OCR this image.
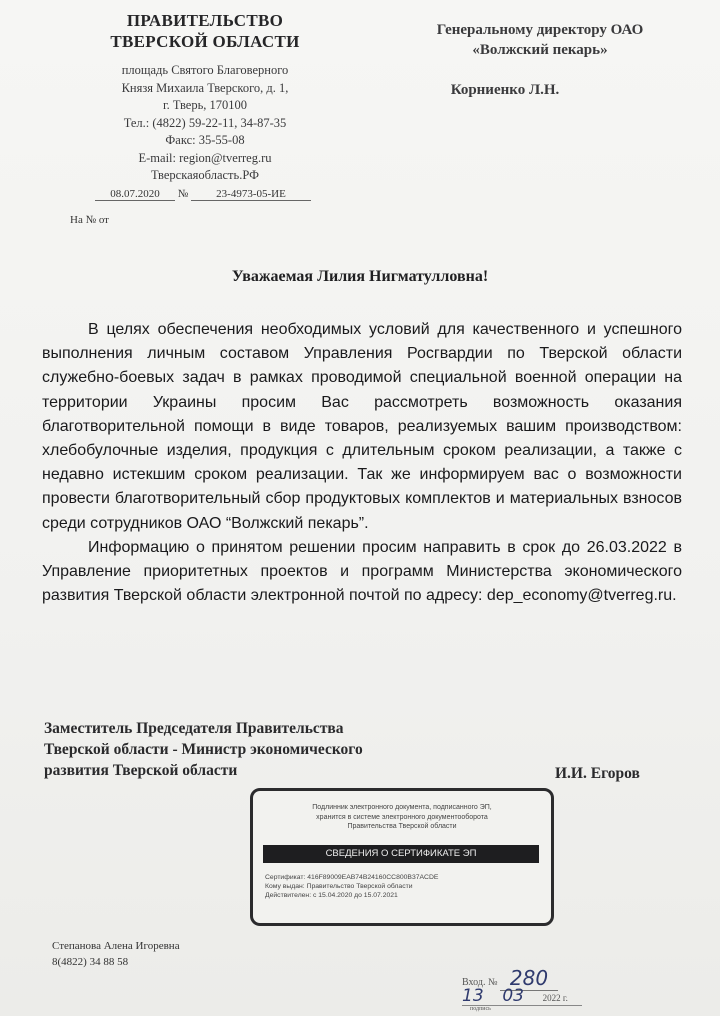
ПРАВИТЕЛЬСТВО
ТВЕРСКОЙ ОБЛАСТИ
площадь Святого Благоверного
Князя Михаила Тверского, д. 1,
г. Тверь, 170100
Тел.: (4822) 59-22-11, 34-87-35
Факс: 35-55-08
E-mail: region@tverreg.ru
Тверскаяобласть.РФ
08.07.2020 №	23-4973-05-ИЕ
На № от
Генеральному директору ОАО
«Волжский пекарь»
Корниенко Л.Н.
Уважаемая Лилия Нигматулловна!

В целях обеспечения необходимых условий для качественного и успешного выполнения личным составом Управления Росгвардии по Тверской области служебно-боевых задач в рамках проводимой специальной военной операции на территории Украины просим Вас рассмотреть возможность оказания благотворительной помощи в виде товаров, реализуемых вашим производством: хлебобулочные изделия, продукция с длительным сроком реализации, а также с недавно истекшим сроком реализации. Так же информируем вас о возможности провести благотворительный сбор продуктовых комплектов и материальных взносов среди сотрудников ОАО “Волжский пекарь”.

Информацию о принятом решении просим направить в срок до 26.03.2022 в Управление приоритетных проектов и программ Министерства экономического развития Тверской области электронной почтой по адресу: dep_economy@tverreg.ru.

Заместитель Председателя Правительства
Тверской области - Министр экономического
развития Тверской области	И.И. Егоров
Подлинник электронного документа, подписанного ЭП,
хранится в системе электронного документооборота
Правительства Тверской области
СВЕДЕНИЯ О СЕРТИФИКАТЕ ЭП
Сертификат: 416F89009EAB74B24160CC800B37ACDE
Кому выдан: Правительство Тверской области
Действителен: с 15.04.2020 до 15.07.2021
Степанова Алена Игоревна
8(4822) 34 88 58
Вход. № 280
13 03 2022 г.
подпись
